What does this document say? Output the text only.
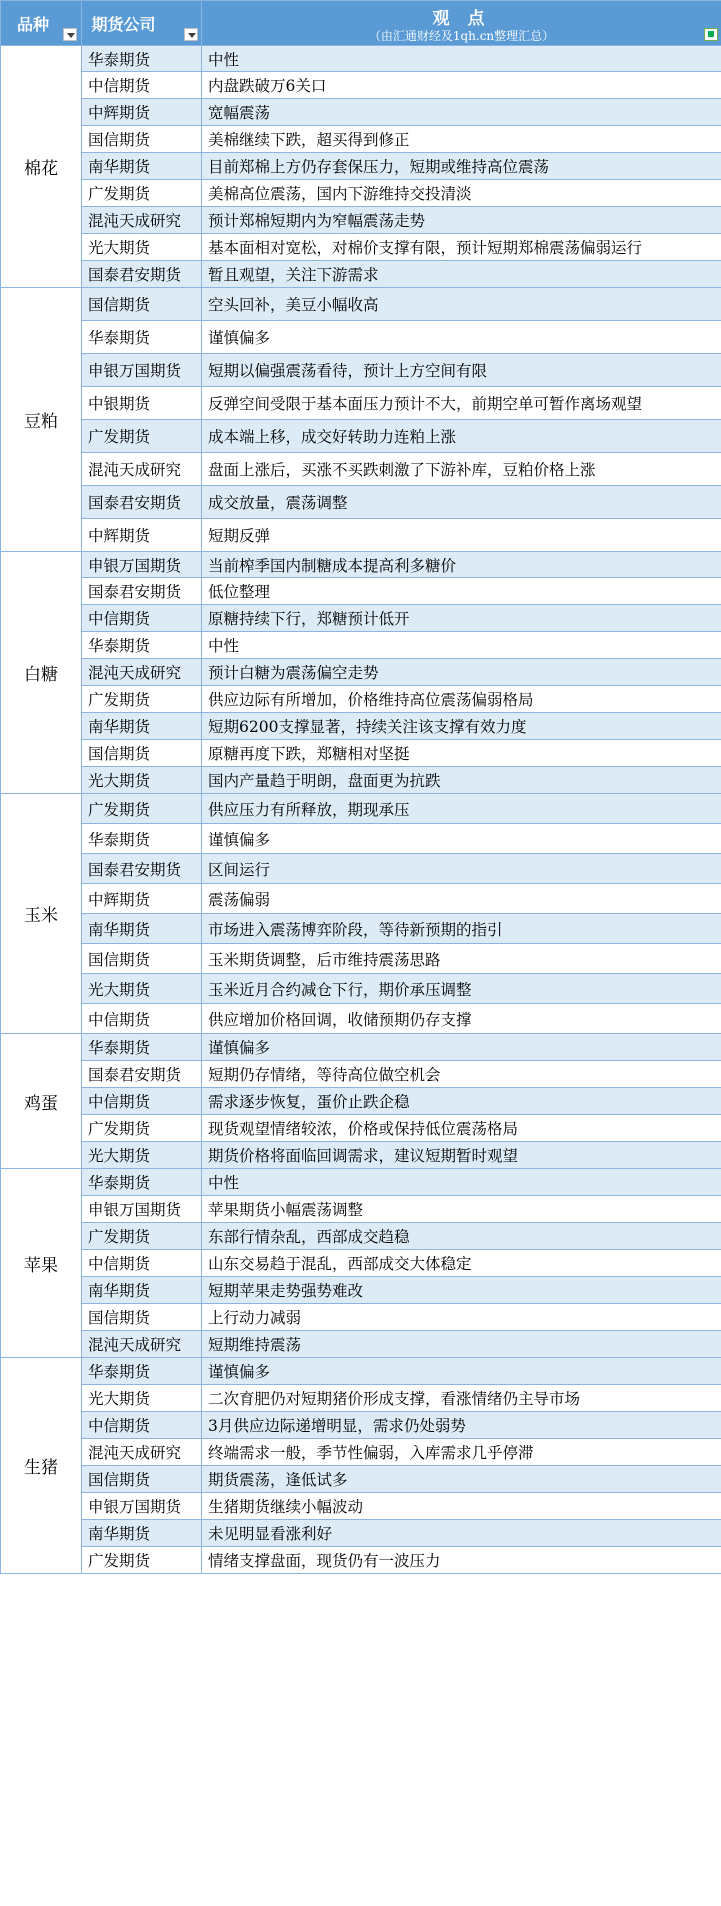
品种	期货公司	观 点
（由汇通财经及1qh.cn整理汇总）

棉花	华泰期货	中性
	中信期货	内盘跌破万6关口
	中辉期货	宽幅震荡
	国信期货	美棉继续下跌，超买得到修正
	南华期货	目前郑棉上方仍存套保压力，短期或维持高位震荡
	广发期货	美棉高位震荡，国内下游维持交投清淡
	混沌天成研究	预计郑棉短期内为窄幅震荡走势
	光大期货	基本面相对宽松，对棉价支撑有限，预计短期郑棉震荡偏弱运行
	国泰君安期货	暂且观望，关注下游需求
豆粕	国信期货	空头回补，美豆小幅收高
	华泰期货	谨慎偏多
	申银万国期货	短期以偏强震荡看待，预计上方空间有限
	中银期货	反弹空间受限于基本面压力预计不大，前期空单可暂作离场观望
	广发期货	成本端上移，成交好转助力连粕上涨
	混沌天成研究	盘面上涨后，买涨不买跌刺激了下游补库，豆粕价格上涨
	国泰君安期货	成交放量，震荡调整
	中辉期货	短期反弹
白糖	申银万国期货	当前榨季国内制糖成本提高利多糖价
	国泰君安期货	低位整理
	中信期货	原糖持续下行，郑糖预计低开
	华泰期货	中性
	混沌天成研究	预计白糖为震荡偏空走势
	广发期货	供应边际有所增加，价格维持高位震荡偏弱格局
	南华期货	短期6200支撑显著，持续关注该支撑有效力度
	国信期货	原糖再度下跌，郑糖相对坚挺
	光大期货	国内产量趋于明朗，盘面更为抗跌
玉米	广发期货	供应压力有所释放，期现承压
	华泰期货	谨慎偏多
	国泰君安期货	区间运行
	中辉期货	震荡偏弱
	南华期货	市场进入震荡博弈阶段，等待新预期的指引
	国信期货	玉米期货调整，后市维持震荡思路
	光大期货	玉米近月合约减仓下行，期价承压调整
	中信期货	供应增加价格回调，收储预期仍存支撑
鸡蛋	华泰期货	谨慎偏多
	国泰君安期货	短期仍存情绪，等待高位做空机会
	中信期货	需求逐步恢复，蛋价止跌企稳
	广发期货	现货观望情绪较浓，价格或保持低位震荡格局
	光大期货	期货价格将面临回调需求，建议短期暂时观望
苹果	华泰期货	中性
	申银万国期货	苹果期货小幅震荡调整
	广发期货	东部行情杂乱，西部成交趋稳
	中信期货	山东交易趋于混乱，西部成交大体稳定
	南华期货	短期苹果走势强势难改
	国信期货	上行动力减弱
	混沌天成研究	短期维持震荡
生猪	华泰期货	谨慎偏多
	光大期货	二次育肥仍对短期猪价形成支撑，看涨情绪仍主导市场
	中信期货	3月供应边际递增明显，需求仍处弱势
	混沌天成研究	终端需求一般，季节性偏弱，入库需求几乎停滞
	国信期货	期货震荡，逢低试多
	申银万国期货	生猪期货继续小幅波动
	南华期货	未见明显看涨利好
	广发期货	情绪支撑盘面，现货仍有一波压力
